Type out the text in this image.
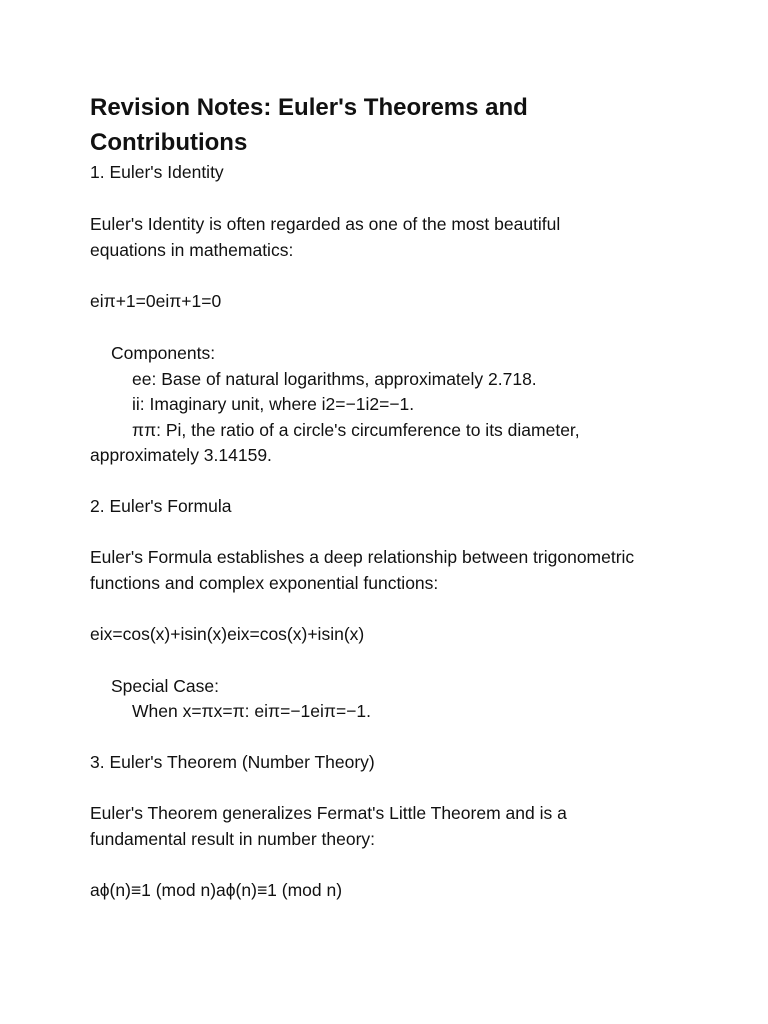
Revision Notes: Euler's Theorems and
Contributions
1. Euler's Identity
Euler's Identity is often regarded as one of the most beautiful
equations in mathematics:
eiπ+1=0eiπ+1=0
Components:
ee: Base of natural logarithms, approximately 2.718.
ii: Imaginary unit, where i2=−1i2=−1.
ππ: Pi, the ratio of a circle's circumference to its diameter,
approximately 3.14159.
2. Euler's Formula
Euler's Formula establishes a deep relationship between trigonometric
functions and complex exponential functions:
eix=cos(x)+isin(x)eix=cos(x)+isin(x)
Special Case:
When x=πx=π: eiπ=−1eiπ=−1.
3. Euler's Theorem (Number Theory)
Euler's Theorem generalizes Fermat's Little Theorem and is a
fundamental result in number theory:
aϕ(n)≡1 (mod n)aϕ(n)≡1 (mod n)
